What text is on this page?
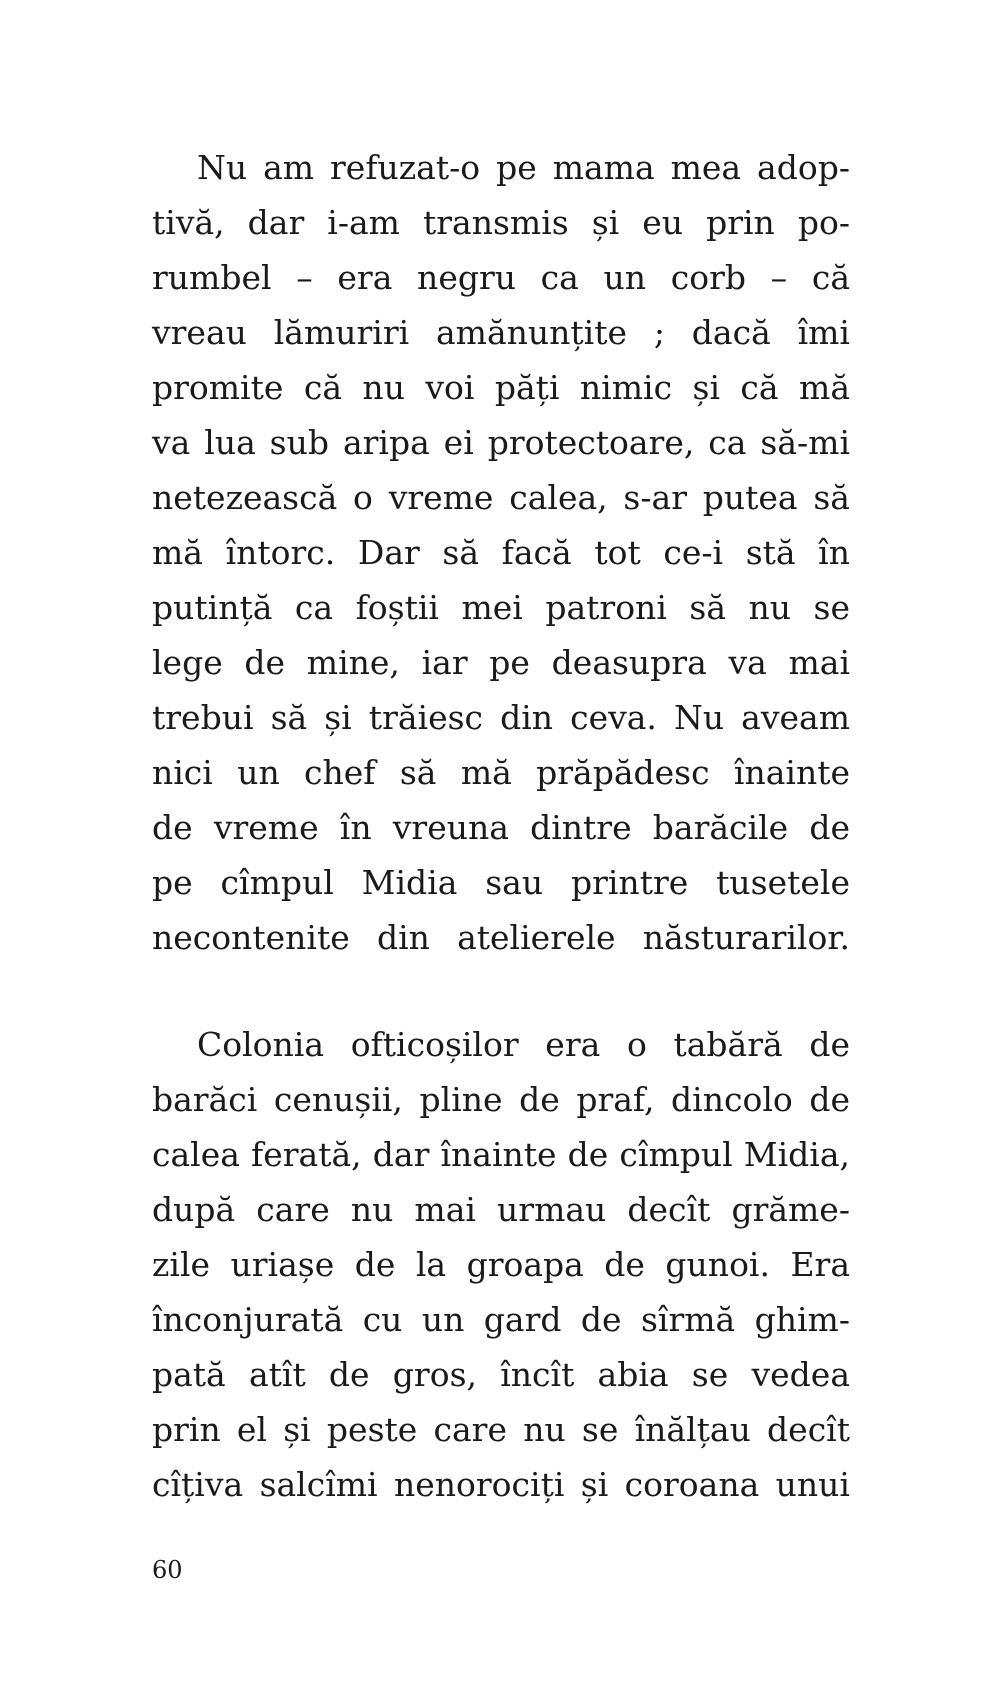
Nu am refuzat-o pe mama mea adop-
tivă, dar i-am transmis și eu prin po-
rumbel – era negru ca un corb – că
vreau lămuriri amănunțite ; dacă îmi
promite că nu voi păți nimic și că mă
va lua sub aripa ei protectoare, ca să-mi
netezească o vreme calea, s-ar putea să
mă întorc. Dar să facă tot ce-i stă în
putință ca foștii mei patroni să nu se
lege de mine, iar pe deasupra va mai
trebui să și trăiesc din ceva. Nu aveam
nici un chef să mă prăpădesc înainte
de vreme în vreuna dintre barăcile de
pe cîmpul Midia sau printre tusetele
necontenite din atelierele năsturarilor.
Colonia ofticoșilor era o tabără de
barăci cenușii, pline de praf, dincolo de
calea ferată, dar înainte de cîmpul Midia,
după care nu mai urmau decît grăme-
zile uriașe de la groapa de gunoi. Era
înconjurată cu un gard de sîrmă ghim-
pată atît de gros, încît abia se vedea
prin el și peste care nu se înălțau decît
cîțiva salcîmi nenorociți și coroana unui
60
